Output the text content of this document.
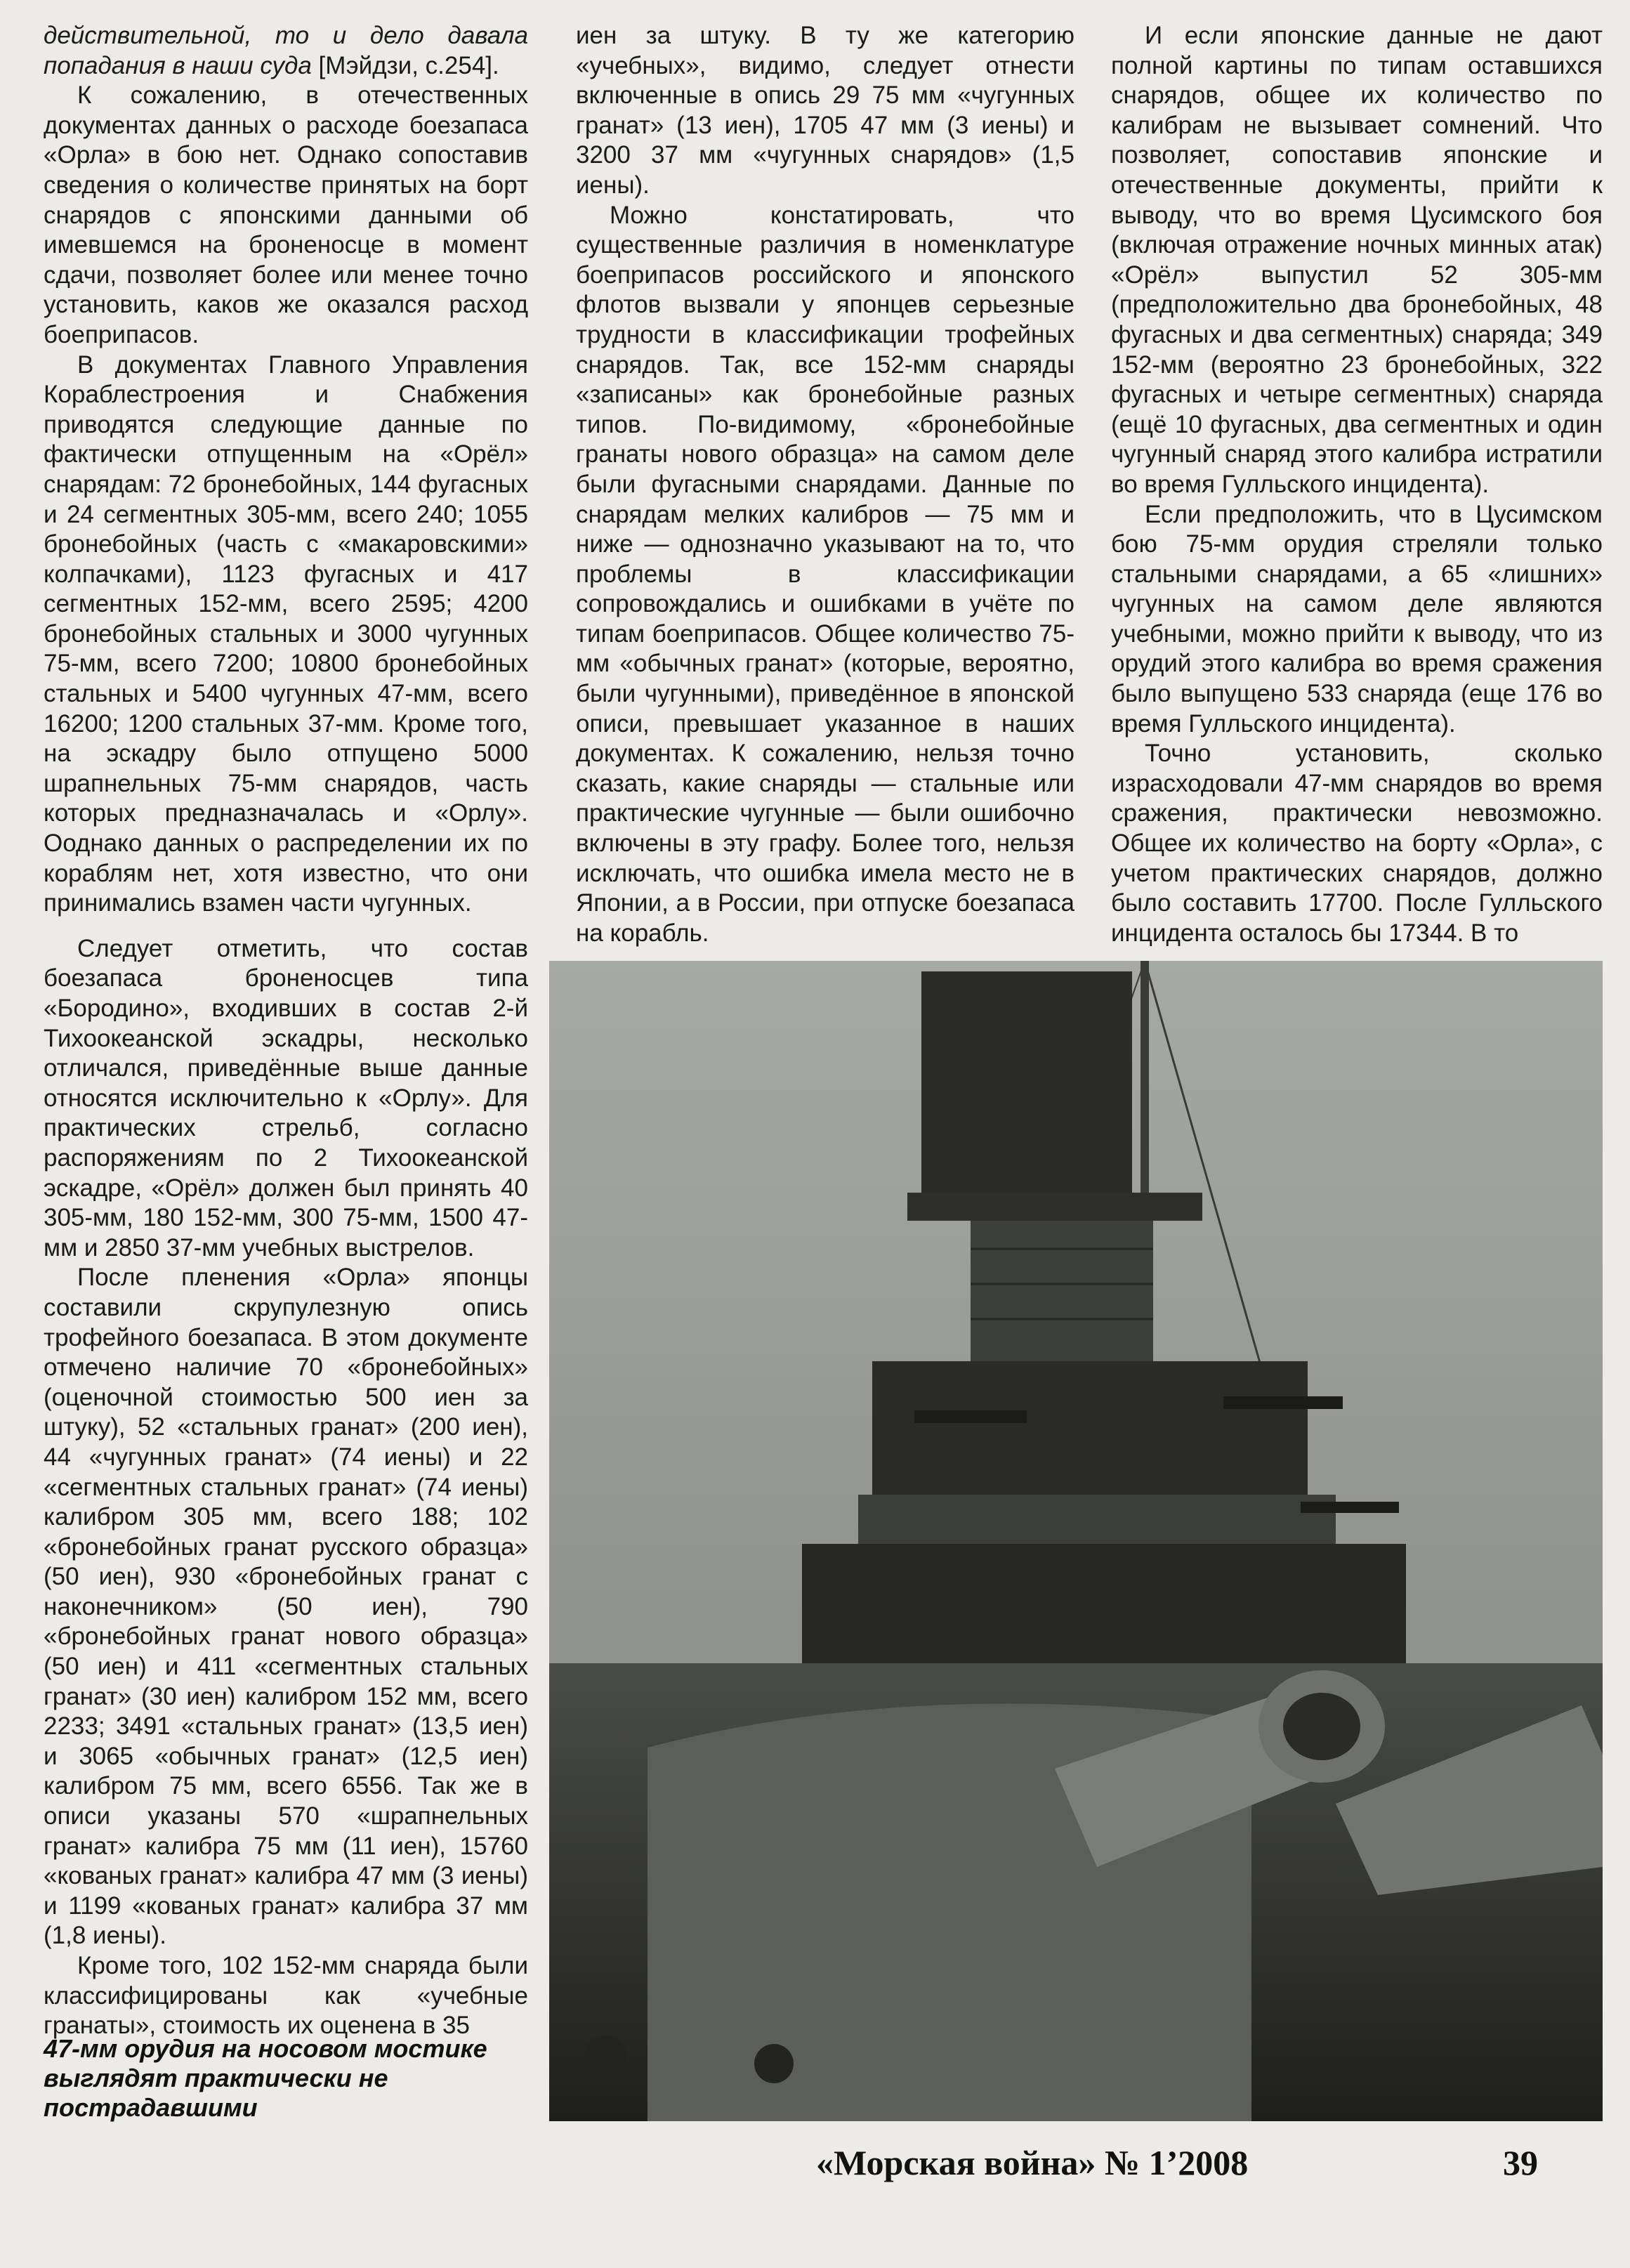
действительной, то и дело давала попадания в наши суда [Мэйдзи, с.254].

К сожалению, в отечественных документах данных о расходе боезапаса «Орла» в бою нет. Однако сопоставив сведения о количестве принятых на борт снарядов с японскими данными об имевшемся на броненосце в момент сдачи, позволяет более или менее точно установить, каков же оказался расход боеприпасов.

В документах Главного Управления Кораблестроения и Снабжения приводятся следующие данные по фактически отпущенным на «Орёл» снарядам: 72 бронебойных, 144 фугасных и 24 сегментных 305-мм, всего 240; 1055 бронебойных (часть с «макаровскими» колпачками), 1123 фугасных и 417 сегментных 152-мм, всего 2595; 4200 бронебойных стальных и 3000 чугунных 75-мм, всего 7200; 10800 бронебойных стальных и 5400 чугунных 47-мм, всего 16200; 1200 стальных 37-мм. Кроме того, на эскадру было отпущено 5000 шрапнельных 75-мм снарядов, часть которых предназначалась и «Орлу». Ооднако данных о распределении их по кораблям нет, хотя известно, что они принимались взамен части чугунных.

Следует отметить, что состав боезапаса броненосцев типа «Бородино», входивших в состав 2-й Тихоокеанской эскадры, несколько отличался, приведённые выше данные относятся исключительно к «Орлу». Для практических стрельб, согласно распоряжениям по 2 Тихоокеанской эскадре, «Орёл» должен был принять 40 305-мм, 180 152-мм, 300 75-мм, 1500 47-мм и 2850 37-мм учебных выстрелов.

После пленения «Орла» японцы составили скрупулезную опись трофейного боезапаса. В этом документе отмечено наличие 70 «бронебойных» (оценочной стоимостью 500 иен за штуку), 52 «стальных гранат» (200 иен), 44 «чугунных гранат» (74 иены) и 22 «сегментных стальных гранат» (74 иены) калибром 305 мм, всего 188; 102 «бронебойных гранат русского образца» (50 иен), 930 «бронебойных гранат с наконечником» (50 иен), 790 «бронебойных гранат нового образца» (50 иен) и 411 «сегментных стальных гранат» (30 иен) калибром 152 мм, всего 2233; 3491 «стальных гранат» (13,5 иен) и 3065 «обычных гранат» (12,5 иен) калибром 75 мм, всего 6556. Так же в описи указаны 570 «шрапнельных гранат» калибра 75 мм (11 иен), 15760 «кованых гранат» калибра 47 мм (3 иены) и 1199 «кованых гранат» калибра 37 мм (1,8 иены).

Кроме того, 102 152-мм снаряда были классифицированы как «учебные гранаты», стоимость их оценена в 35

иен за штуку. В ту же категорию «учебных», видимо, следует отнести включенные в опись 29 75 мм «чугунных гранат» (13 иен), 1705 47 мм (3 иены) и 3200 37 мм «чугунных снарядов» (1,5 иены).

Можно констатировать, что существенные различия в номенклатуре боеприпасов российского и японского флотов вызвали у японцев серьезные трудности в классификации трофейных снарядов. Так, все 152-мм снаряды «записаны» как бронебойные разных типов. По-видимому, «бронебойные гранаты нового образца» на самом деле были фугасными снарядами. Данные по снарядам мелких калибров — 75 мм и ниже — однозначно указывают на то, что проблемы в классификации сопровождались и ошибками в учёте по типам боеприпасов. Общее количество 75-мм «обычных гранат» (которые, вероятно, были чугунными), приведённое в японской описи, превышает указанное в наших документах. К сожалению, нельзя точно сказать, какие снаряды — стальные или практические чугунные — были ошибочно включены в эту графу. Более того, нельзя исключать, что ошибка имела место не в Японии, а в России, при отпуске боезапаса на корабль.

И если японские данные не дают полной картины по типам оставшихся снарядов, общее их количество по калибрам не вызывает сомнений. Что позволяет, сопоставив японские и отечественные документы, прийти к выводу, что во время Цусимского боя (включая отражение ночных минных атак) «Орёл» выпустил 52 305-мм (предположительно два бронебойных, 48 фугасных и два сегментных) снаряда; 349 152-мм (вероятно 23 бронебойных, 322 фугасных и четыре сегментных) снаряда (ещё 10 фугасных, два сегментных и один чугунный снаряд этого калибра истратили во время Гулльского инцидента).

Если предположить, что в Цусимском бою 75-мм орудия стреляли только стальными снарядами, а 65 «лишних» чугунных на самом деле являются учебными, можно прийти к выводу, что из орудий этого калибра во время сражения было выпущено 533 снаряда (еще 176 во время Гулльского инцидента).

Точно установить, сколько израсходовали 47-мм снарядов во время сражения, практически невозможно. Общее их количество на борту «Орла», с учетом практических снарядов, должно было составить 17700. После Гулльского инцидента осталось бы 17344. В то

47-мм орудия на носовом мостике выглядят практически не пострадавшими
«Морская война» № 1’2008	39
